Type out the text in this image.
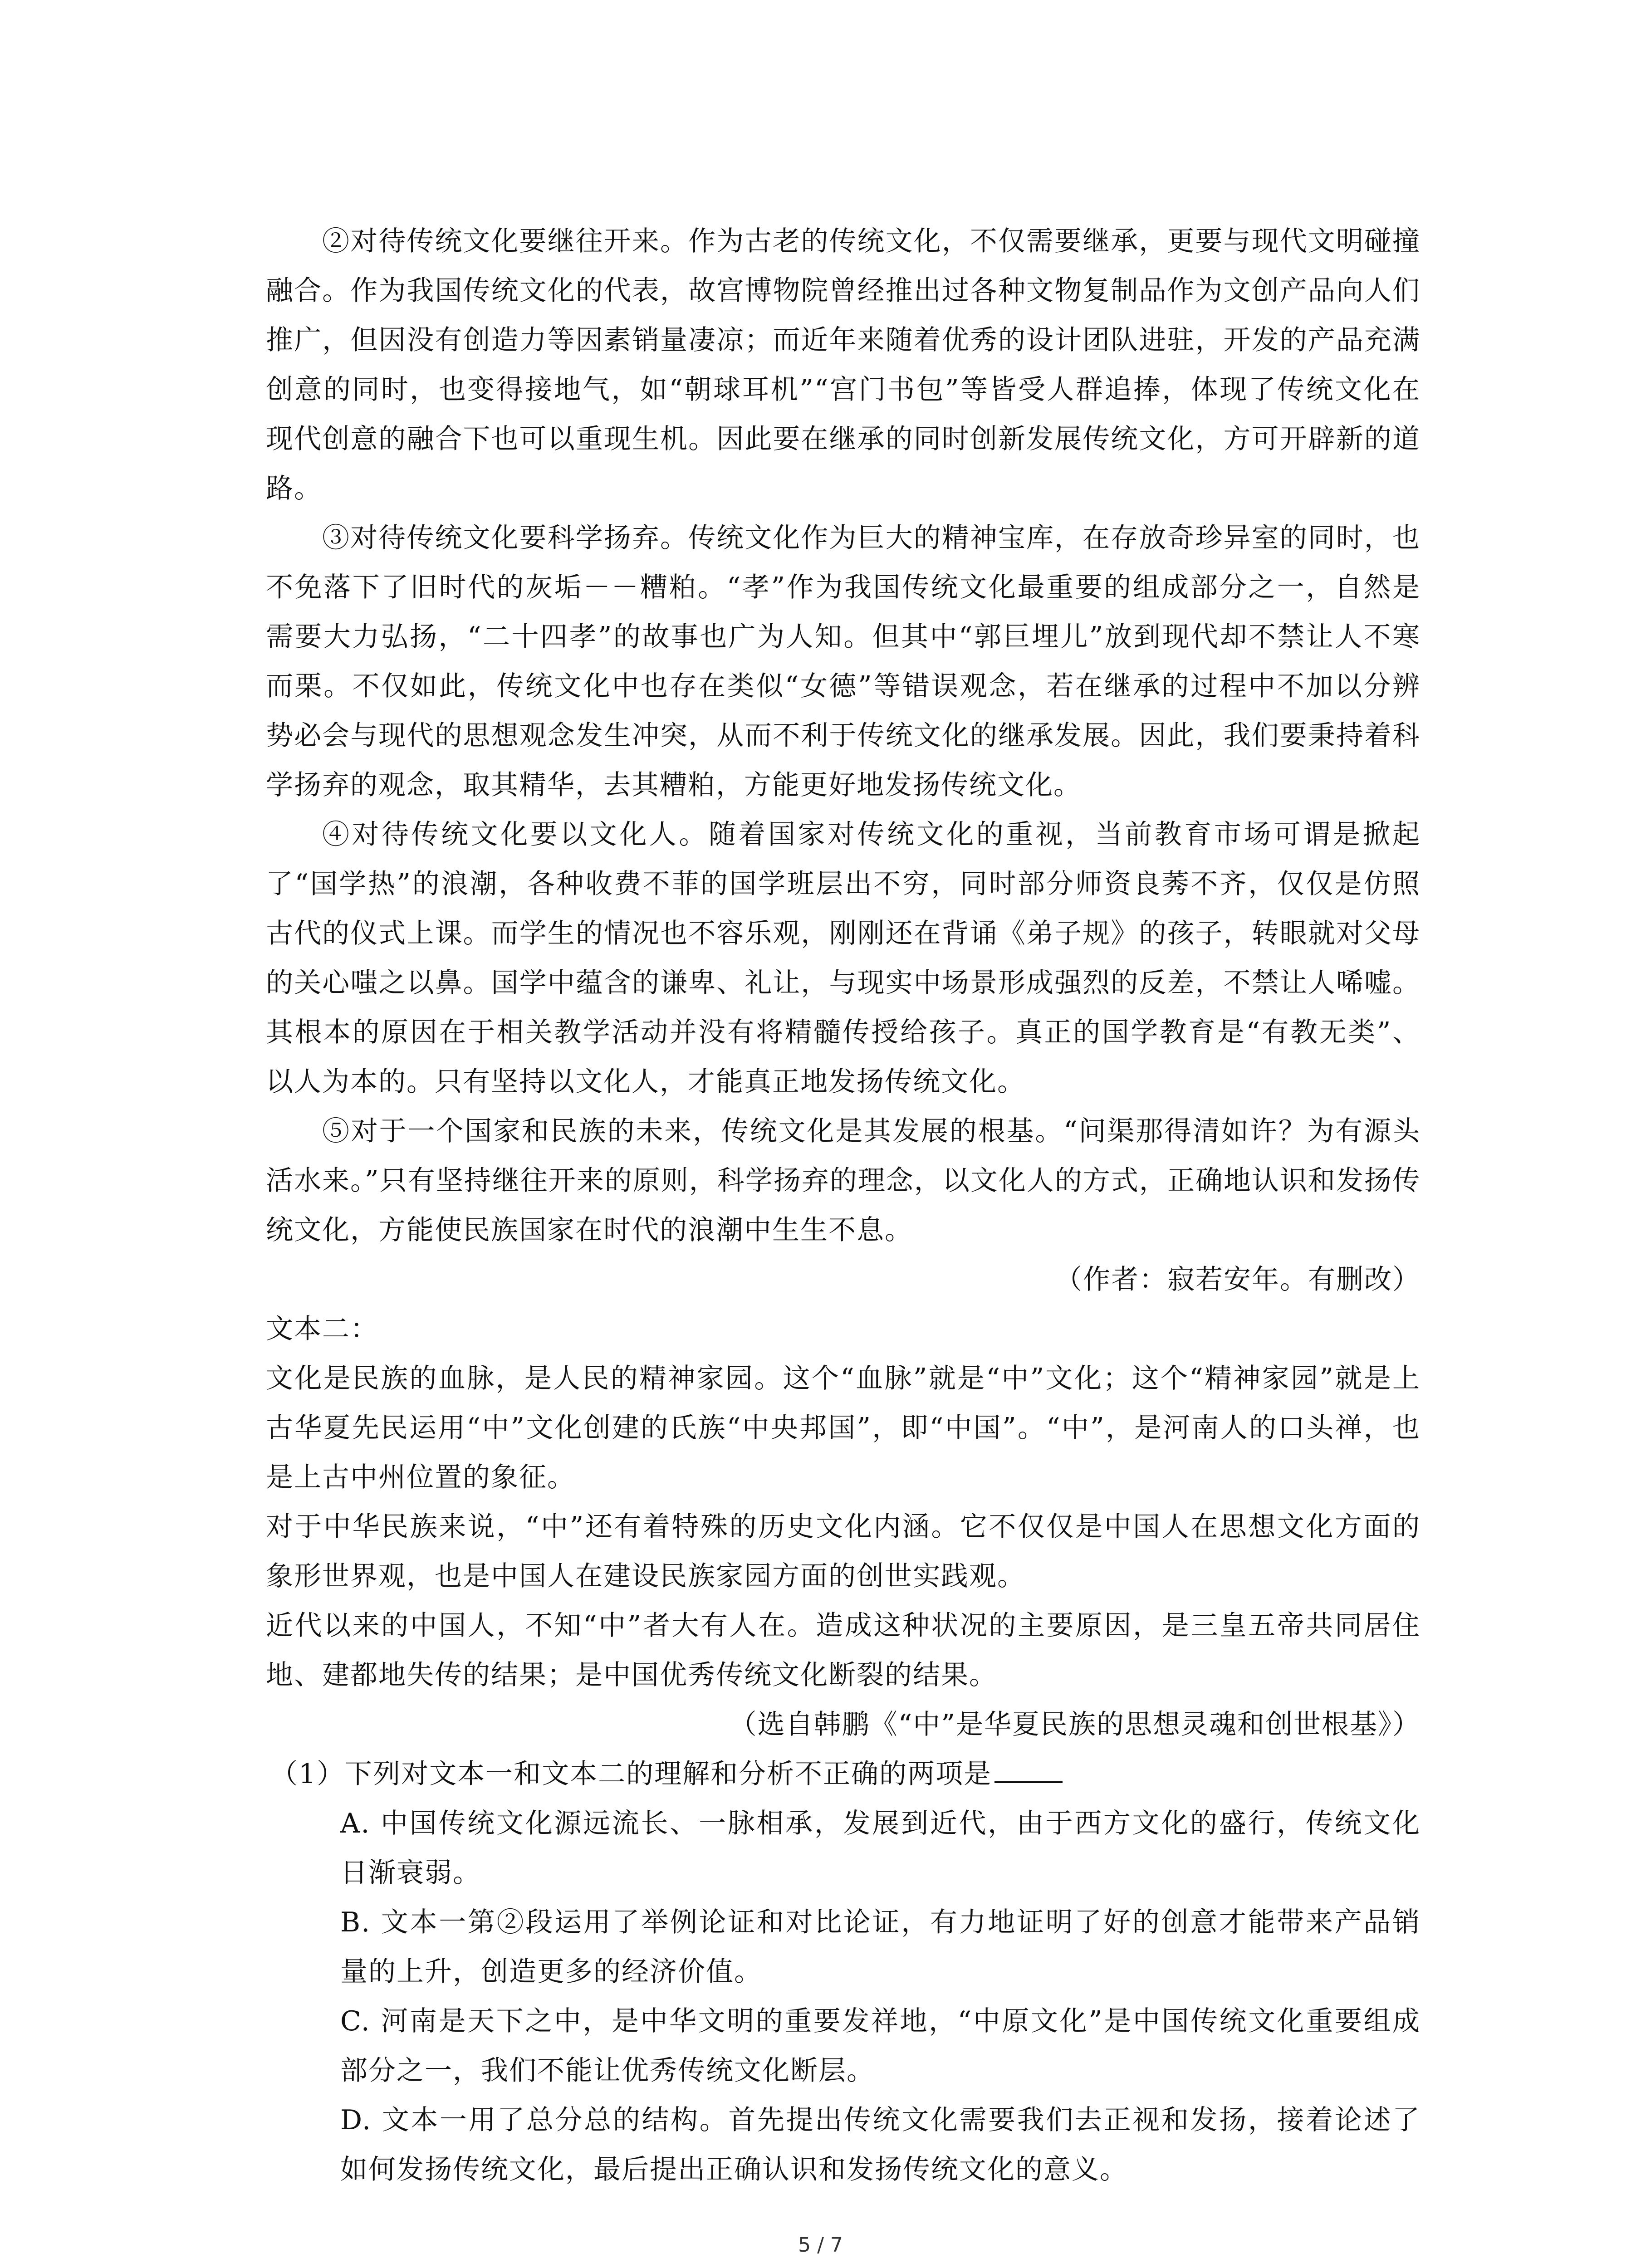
②对待传统文化要继往开来。作为古老的传统文化，不仅需要继承，更要与现代文明碰撞融合。作为我国传统文化的代表，故宫博物院曾经推出过各种文物复制品作为文创产品向人们推广，但因没有创造力等因素销量凄凉；而近年来随着优秀的设计团队进驻，开发的产品充满创意的同时，也变得接地气，如“朝球耳机”“宫门书包”等皆受人群追捧，体现了传统文化在现代创意的融合下也可以重现生机。因此要在继承的同时创新发展传统文化，方可开辟新的道路。

③对待传统文化要科学扬弃。传统文化作为巨大的精神宝库，在存放奇珍异室的同时，也不免落下了旧时代的灰垢－－糟粕。“孝”作为我国传统文化最重要的组成部分之一，自然是需要大力弘扬，“二十四孝”的故事也广为人知。但其中“郭巨埋儿”放到现代却不禁让人不寒而栗。不仅如此，传统文化中也存在类似“女德”等错误观念，若在继承的过程中不加以分辨势必会与现代的思想观念发生冲突，从而不利于传统文化的继承发展。因此，我们要秉持着科学扬弃的观念，取其精华，去其糟粕，方能更好地发扬传统文化。

④对待传统文化要以文化人。随着国家对传统文化的重视，当前教育市场可谓是掀起了“国学热”的浪潮，各种收费不菲的国学班层出不穷，同时部分师资良莠不齐，仅仅是仿照古代的仪式上课。而学生的情况也不容乐观，刚刚还在背诵《弟子规》的孩子，转眼就对父母的关心嗤之以鼻。国学中蕴含的谦卑、礼让，与现实中场景形成强烈的反差，不禁让人唏嘘。其根本的原因在于相关教学活动并没有将精髓传授给孩子。真正的国学教育是“有教无类”、以人为本的。只有坚持以文化人，才能真正地发扬传统文化。

⑤对于一个国家和民族的未来，传统文化是其发展的根基。“问渠那得清如许？为有源头活水来。”只有坚持继往开来的原则，科学扬弃的理念，以文化人的方式，正确地认识和发扬传统文化，方能使民族国家在时代的浪潮中生生不息。

（作者：寂若安年。有删改）

文本二：

文化是民族的血脉，是人民的精神家园。这个“血脉”就是“中”文化；这个“精神家园”就是上古华夏先民运用“中”文化创建的氏族“中央邦国”，即“中国”。“中”，是河南人的口头禅，也是上古中州位置的象征。

对于中华民族来说，“中”还有着特殊的历史文化内涵。它不仅仅是中国人在思想文化方面的象形世界观，也是中国人在建设民族家园方面的创世实践观。

近代以来的中国人，不知“中”者大有人在。造成这种状况的主要原因，是三皇五帝共同居住地、建都地失传的结果；是中国优秀传统文化断裂的结果。

（选自韩鹏《“中”是华夏民族的思想灵魂和创世根基》）

（1）下列对文本一和文本二的理解和分析不正确的两项是

A. 中国传统文化源远流长、一脉相承，发展到近代，由于西方文化的盛行，传统文化日渐衰弱。

B. 文本一第②段运用了举例论证和对比论证，有力地证明了好的创意才能带来产品销量的上升，创造更多的经济价值。

C. 河南是天下之中，是中华文明的重要发祥地，“中原文化”是中国传统文化重要组成部分之一，我们不能让优秀传统文化断层。

D. 文本一用了总分总的结构。首先提出传统文化需要我们去正视和发扬，接着论述了如何发扬传统文化，最后提出正确认识和发扬传统文化的意义。

5 / 7
